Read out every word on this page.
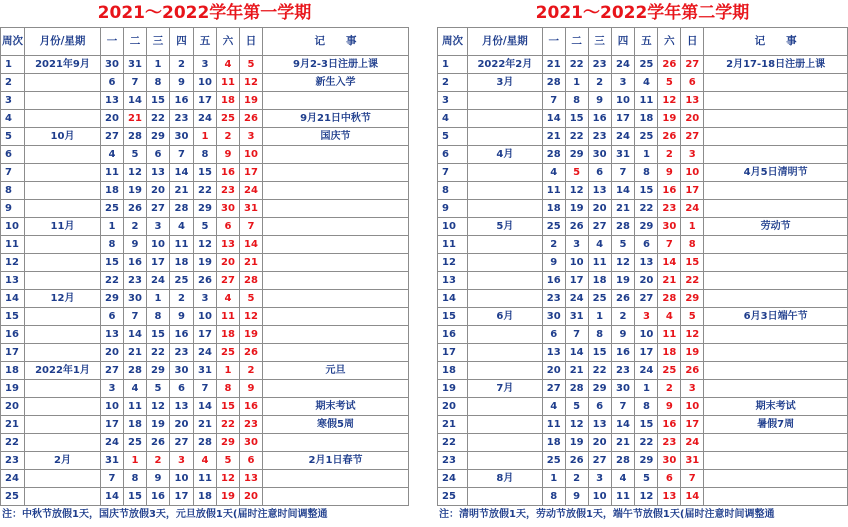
2021～2022学年第一学期
周次	月份/星期	一	二	三	四	五	六	日	记　　事
1	2021年9月	30	31	1	2	3	4	5	9月2-3日注册上课
2		6	7	8	9	10	11	12	新生入学
3		13	14	15	16	17	18	19	
4		20	21	22	23	24	25	26	9月21日中秋节
5	10月	27	28	29	30	1	2	3	国庆节
6		4	5	6	7	8	9	10	
7		11	12	13	14	15	16	17	
8		18	19	20	21	22	23	24	
9		25	26	27	28	29	30	31	
10	11月	1	2	3	4	5	6	7	
11		8	9	10	11	12	13	14	
12		15	16	17	18	19	20	21	
13		22	23	24	25	26	27	28	
14	12月	29	30	1	2	3	4	5	
15		6	7	8	9	10	11	12	
16		13	14	15	16	17	18	19	
17		20	21	22	23	24	25	26	
18	2022年1月	27	28	29	30	31	1	2	元旦
19		3	4	5	6	7	8	9	
20		10	11	12	13	14	15	16	期末考试
21		17	18	19	20	21	22	23	寒假5周
22		24	25	26	27	28	29	30	
23	2月	31	1	2	3	4	5	6	2月1日春节
24		7	8	9	10	11	12	13	
25		14	15	16	17	18	19	20	
注：中秋节放假1天，国庆节放假3天，元旦放假1天(届时注意时间调整通
2021～2022学年第二学期
周次	月份/星期	一	二	三	四	五	六	日	记　　事
1	2022年2月	21	22	23	24	25	26	27	2月17-18日注册上课
2	3月	28	1	2	3	4	5	6	
3		7	8	9	10	11	12	13	
4		14	15	16	17	18	19	20	
5		21	22	23	24	25	26	27	
6	4月	28	29	30	31	1	2	3	
7		4	5	6	7	8	9	10	4月5日清明节
8		11	12	13	14	15	16	17	
9		18	19	20	21	22	23	24	
10	5月	25	26	27	28	29	30	1	劳动节
11		2	3	4	5	6	7	8	
12		9	10	11	12	13	14	15	
13		16	17	18	19	20	21	22	
14		23	24	25	26	27	28	29	
15	6月	30	31	1	2	3	4	5	6月3日端午节
16		6	7	8	9	10	11	12	
17		13	14	15	16	17	18	19	
18		20	21	22	23	24	25	26	
19	7月	27	28	29	30	1	2	3	
20		4	5	6	7	8	9	10	期末考试
21		11	12	13	14	15	16	17	暑假7周
22		18	19	20	21	22	23	24	
23		25	26	27	28	29	30	31	
24	8月	1	2	3	4	5	6	7	
25		8	9	10	11	12	13	14	
注：清明节放假1天，劳动节放假1天，端午节放假1天(届时注意时间调整通
